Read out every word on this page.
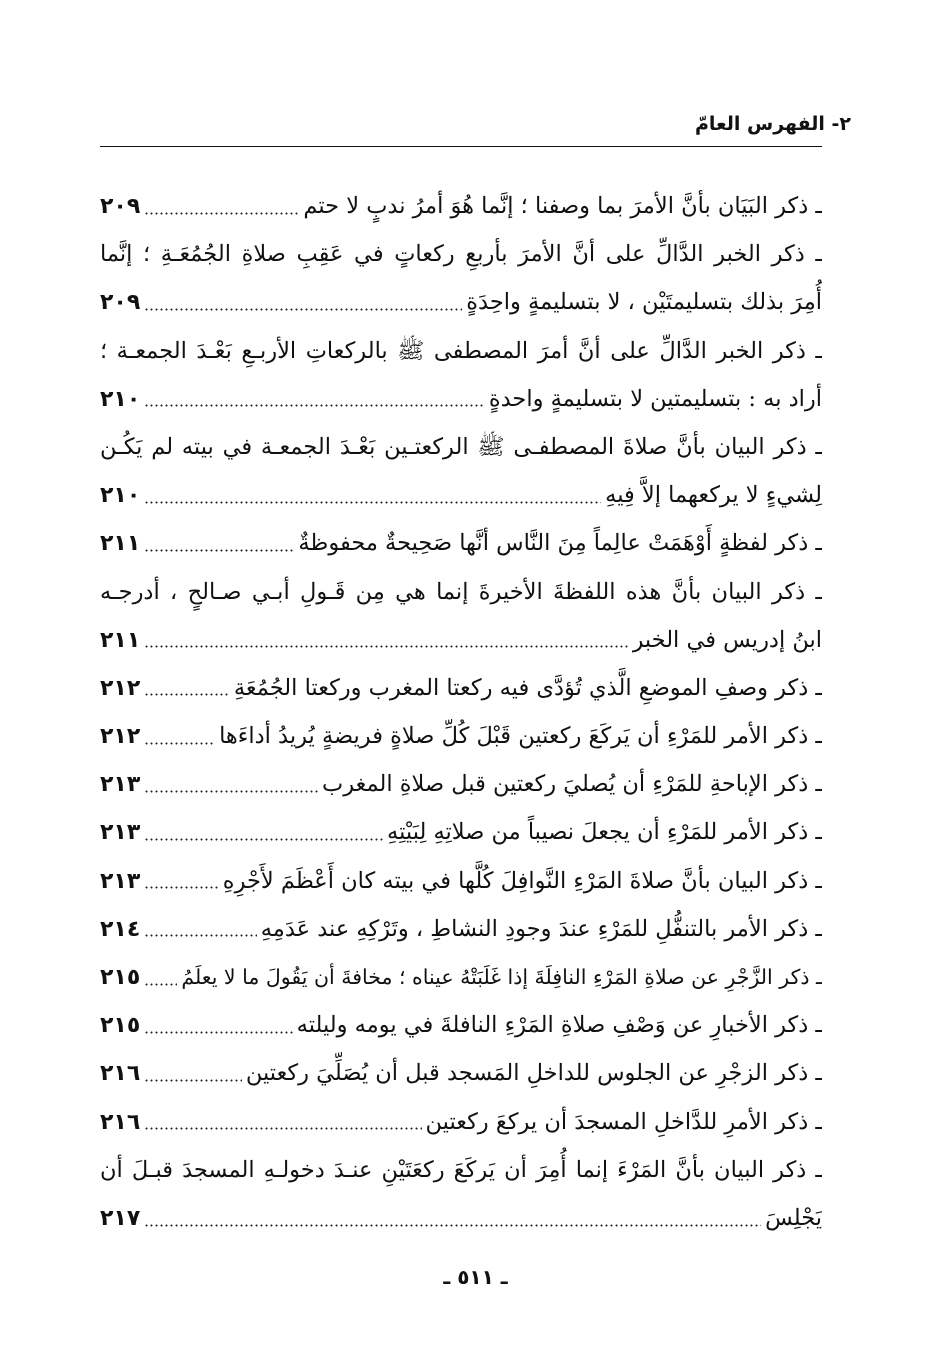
٢- الفهرس العامّ
ـ ذكر البَيَان بأنَّ الأمرَ بما وصفنا ؛ إنَّما هُوَ أمرُ ندبٍ لا حتم
٢٠٩
ـ ذكر الخبر الدَّالِّ على أنَّ الأمرَ بأربعِ ركعاتٍ في عَقِبِ صلاةِ الجُمُعَـةِ ؛ إنَّما
أُمِرَ بذلك بتسليمتَيْن ، لا بتسليمةٍ واحِدَةٍ
٢٠٩
ـ ذكر الخبر الدَّالِّ على أنَّ أمرَ المصطفى ﷺ بالركعاتِ الأربـعِ بَعْـدَ الجمعـة ؛
أراد به : بتسليمتين لا بتسليمةٍ واحدةٍ
٢١٠
ـ ذكر البيان بأنَّ صلاةَ المصطفـى ﷺ الركعتـين بَعْـدَ الجمعـة في بيته لم يَكُـن
لِشيءٍ لا يركعهما إلاَّ فِيهِ
٢١٠
ـ ذكر لفظةٍ أَوْهَمَتْ عالِماً مِنَ النَّاس أنَّها صَحِيحةٌ محفوظةٌ
٢١١
ـ ذكر البيان بأنَّ هذه اللفظةَ الأخيرةَ إنما هي مِن قَـولِ أبـي صـالحٍ ، أدرجـه
ابنُ إدريس في الخبر
٢١١
ـ ذكر وصفِ الموضعِ الَّذي تُؤدَّى فيه ركعتا المغرب وركعتا الجُمُعَةِ
٢١٢
ـ ذكر الأمر للمَرْءِ أن يَركَعَ ركعتين قَبْلَ كُلِّ صلاةٍ فريضةٍ يُريدُ أداءَها
٢١٢
ـ ذكر الإباحةِ للمَرْءِ أن يُصليَ ركعتين قبل صلاةِ المغرب
٢١٣
ـ ذكر الأمر للمَرْءِ أن يجعلَ نصيباً من صلاتِهِ لِبَيْتِهِ
٢١٣
ـ ذكر البيان بأنَّ صلاةَ المَرْءِ النَّوافِلَ كُلَّها في بيته كان أَعْظَمَ لأَجْرِهِ
٢١٣
ـ ذكر الأمر بالتنفُّلِ للمَرْءِ عندَ وجودِ النشاطِ ، وتَرْكِهِ عند عَدَمِهِ
٢١٤
ـ ذكر الزَّجْرِ عن صلاةِ المَرْءِ النافِلَةَ إذا غَلَبَتْهُ عيناه ؛ مخافةَ أن يَقُولَ ما لا يعلَمُ
٢١٥
ـ ذكر الأخبارِ عن وَصْفِ صلاةِ المَرْءِ النافلةَ في يومه وليلته
٢١٥
ـ ذكر الزجْرِ عن الجلوس للداخلِ المَسجد قبل أن يُصَلِّيَ ركعتين
٢١٦
ـ ذكر الأمرِ للدَّاخلِ المسجدَ أن يركعَ ركعتين
٢١٦
ـ ذكر البيان بأنَّ المَرْءَ إنما أُمِرَ أن يَركَعَ ركعَتَيْنِ عنـدَ دخولـهِ المسجدَ قبـلَ أن
يَجْلِسَ
٢١٧
ـ ٥١١ ـ
